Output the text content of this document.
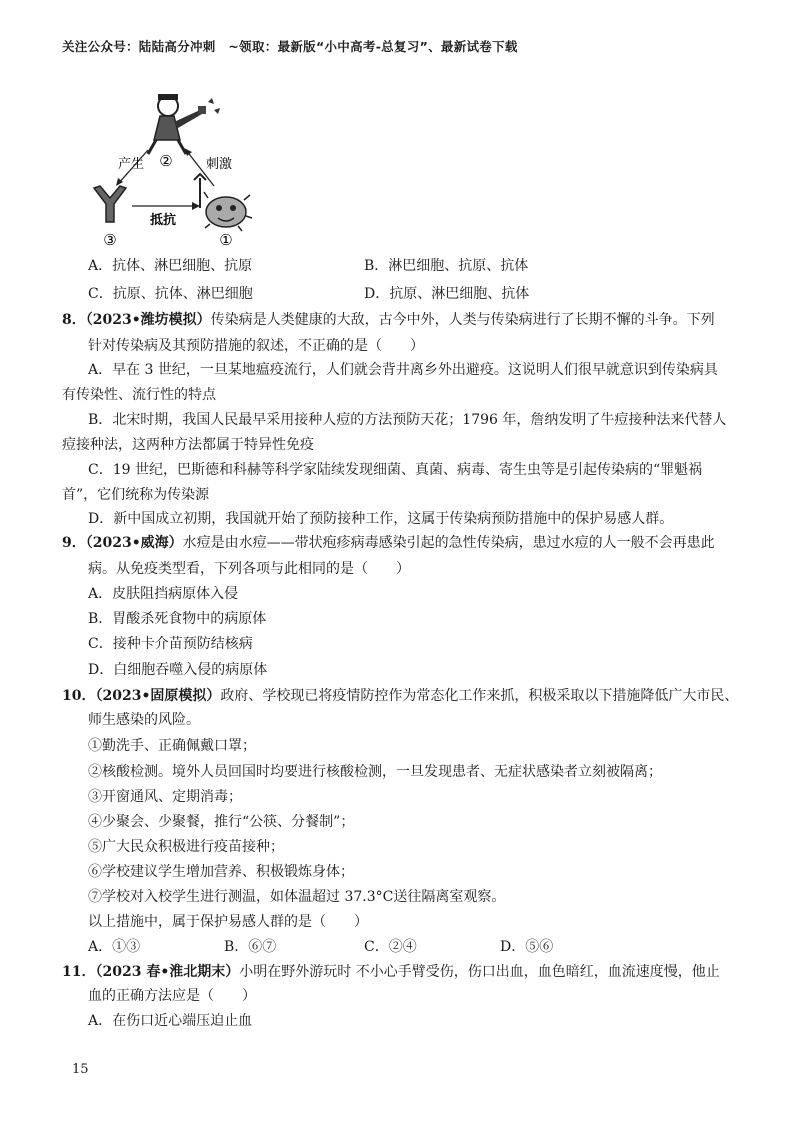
关注公众号：陆陆高分冲刺　~领取：最新版“小中高考-总复习”、最新试卷下载
②
③	①
产生	刺激
抵抗
A．抗体、淋巴细胞、抗原	B．淋巴细胞、抗原、抗体
C．抗原、抗体、淋巴细胞	D．抗原、淋巴细胞、抗体
8．（2023•潍坊模拟）传染病是人类健康的大敌，古今中外，人类与传染病进行了长期不懈的斗争。下列
针对传染病及其预防措施的叙述，不正确的是（　　）
A．早在 3 世纪，一旦某地瘟疫流行，人们就会背井离乡外出避疫。这说明人们很早就意识到传染病具
有传染性、流行性的特点
B．北宋时期，我国人民最早采用接种人痘的方法预防天花；1796 年，詹纳发明了牛痘接种法来代替人
痘接种法，这两种方法都属于特异性免疫
C．19 世纪，巴斯德和科赫等科学家陆续发现细菌、真菌、病毒、寄生虫等是引起传染病的“罪魁祸
首”，它们统称为传染源
D．新中国成立初期，我国就开始了预防接种工作，这属于传染病预防措施中的保护易感人群。
9．（2023•威海）水痘是由水痘——带状疱疹病毒感染引起的急性传染病，患过水痘的人一般不会再患此
病。从免疫类型看，下列各项与此相同的是（　　）
A．皮肤阻挡病原体入侵
B．胃酸杀死食物中的病原体
C．接种卡介苗预防结核病
D．白细胞吞噬入侵的病原体
10．（2023•固原模拟）政府、学校现已将疫情防控作为常态化工作来抓，积极采取以下措施降低广大市民、
师生感染的风险。
①勤洗手、正确佩戴口罩；
②核酸检测。境外人员回国时均要进行核酸检测，一旦发现患者、无症状感染者立刻被隔离；
③开窗通风、定期消毒；
④少聚会、少聚餐，推行“公筷、分餐制”；
⑤广大民众积极进行疫苗接种；
⑥学校建议学生增加营养、积极锻炼身体；
⑦学校对入校学生进行测温，如体温超过 37.3°C送往隔离室观察。
以上措施中，属于保护易感人群的是（　　）
A．①③	B．⑥⑦	C．②④	D．⑤⑥
11．（2023 春•淮北期末）小明在野外游玩时 不小心手臂受伤，伤口出血，血色暗红，血流速度慢，他止
血的正确方法应是（　　）
A．在伤口近心端压迫止血
15
